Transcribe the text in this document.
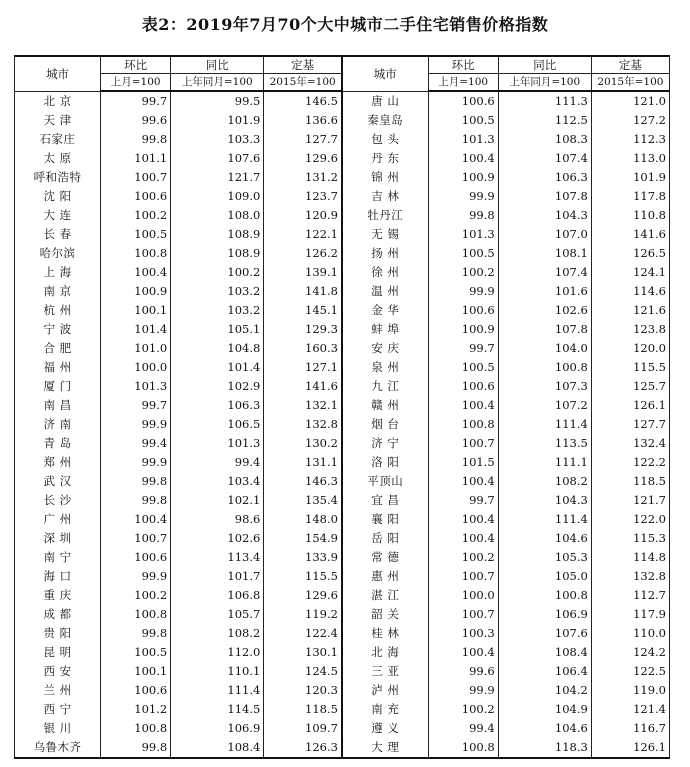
表2：2019年7月70个大中城市二手住宅销售价格指数
城市	环比	同比	定基	城市	环比	同比	定基
	上月=100	上年同月=100	2015年=100		上月=100	上年同月=100	2015年=100
北 京	99.7	99.5	146.5	唐 山	100.6	111.3	121.0
天 津	99.6	101.9	136.6	秦皇岛	100.5	112.5	127.2
石家庄	99.8	103.3	127.7	包 头	101.3	108.3	112.3
太 原	101.1	107.6	129.6	丹 东	100.4	107.4	113.0
呼和浩特	100.7	121.7	131.2	锦 州	100.9	106.3	101.9
沈 阳	100.6	109.0	123.7	吉 林	99.9	107.8	117.8
大 连	100.2	108.0	120.9	牡丹江	99.8	104.3	110.8
长 春	100.5	108.9	122.1	无 锡	101.3	107.0	141.6
哈尔滨	100.8	108.9	126.2	扬 州	100.5	108.1	126.5
上 海	100.4	100.2	139.1	徐 州	100.2	107.4	124.1
南 京	100.9	103.2	141.8	温 州	99.9	101.6	114.6
杭 州	100.1	103.2	145.1	金 华	100.6	102.6	121.6
宁 波	101.4	105.1	129.3	蚌 埠	100.9	107.8	123.8
合 肥	101.0	104.8	160.3	安 庆	99.7	104.0	120.0
福 州	100.0	101.4	127.1	泉 州	100.5	100.8	115.5
厦 门	101.3	102.9	141.6	九 江	100.6	107.3	125.7
南 昌	99.7	106.3	132.1	赣 州	100.4	107.2	126.1
济 南	99.9	106.5	132.8	烟 台	100.8	111.4	127.7
青 岛	99.4	101.3	130.2	济 宁	100.7	113.5	132.4
郑 州	99.9	99.4	131.1	洛 阳	101.5	111.1	122.2
武 汉	99.8	103.4	146.3	平顶山	100.4	108.2	118.5
长 沙	99.8	102.1	135.4	宜 昌	99.7	104.3	121.7
广 州	100.4	98.6	148.0	襄 阳	100.4	111.4	122.0
深 圳	100.7	102.6	154.9	岳 阳	100.4	104.6	115.3
南 宁	100.6	113.4	133.9	常 德	100.2	105.3	114.8
海 口	99.9	101.7	115.5	惠 州	100.7	105.0	132.8
重 庆	100.2	106.8	129.6	湛 江	100.0	100.8	112.7
成 都	100.8	105.7	119.2	韶 关	100.7	106.9	117.9
贵 阳	99.8	108.2	122.4	桂 林	100.3	107.6	110.0
昆 明	100.5	112.0	130.1	北 海	100.4	108.4	124.2
西 安	100.1	110.1	124.5	三 亚	99.6	106.4	122.5
兰 州	100.6	111.4	120.3	泸 州	99.9	104.2	119.0
西 宁	101.2	114.5	118.5	南 充	100.2	104.9	121.4
银 川	100.8	106.9	109.7	遵 义	99.4	104.6	116.7
乌鲁木齐	99.8	108.4	126.3	大 理	100.8	118.3	126.1
